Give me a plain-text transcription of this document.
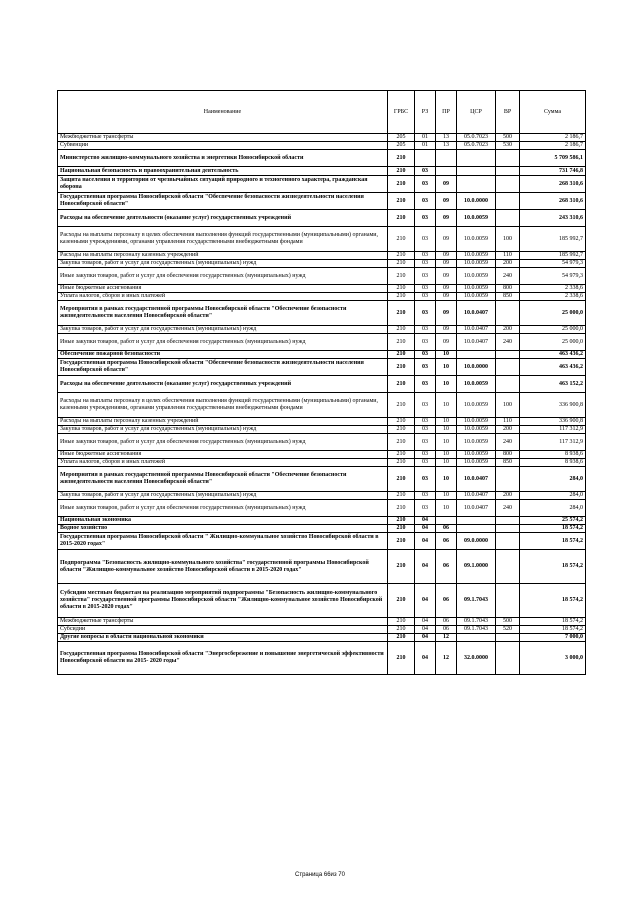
Наименование	ГРБС	РЗ	ПР	ЦСР	ВР	Сумма
Межбюджетные трансферты	205	01	13	05.0.7023	500	2 186,7
Субвенции	205	01	13	05.0.7023	530	2 186,7
Министерство жилищно-коммунального хозяйства и энергетики Новосибирской области	210					5 709 586,1
Национальная безопасность и правоохранительная деятельность	210	03				731 746,8
Защита населения и территории от чрезвычайных ситуаций природного и техногенного характера, гражданская оборона	210	03	09			268 310,6
Государственная программа Новосибирской области "Обеспечение безопасности жизнедеятельности населения Новосибирской области"	210	03	09	10.0.0000		268 310,6
Расходы на обеспечение деятельности (оказание услуг) государственных учреждений	210	03	09	10.0.0059		243 310,6
Расходы на выплаты персоналу в целях обеспечения выполнения функций государственными (муниципальными) органами, казенными учреждениями, органами управления государственными внебюджетными фондами	210	03	09	10.0.0059	100	185 992,7
Расходы на выплаты персоналу казенных учреждений	210	03	09	10.0.0059	110	185 992,7
Закупка товаров, работ и услуг для государственных (муниципальных) нужд	210	03	09	10.0.0059	200	54 979,3
Иные закупки товаров, работ и услуг для обеспечения государственных (муниципальных) нужд	210	03	09	10.0.0059	240	54 979,3
Иные бюджетные ассигнования	210	03	09	10.0.0059	800	2 338,6
Уплата налогов, сборов и иных платежей	210	03	09	10.0.0059	850	2 338,6
Мероприятия в рамках государственной программы Новосибирской области "Обеспечение безопасности жизнедеятельности населения Новосибирской области"	210	03	09	10.0.0407		25 000,0
Закупка товаров, работ и услуг для государственных (муниципальных) нужд	210	03	09	10.0.0407	200	25 000,0
Иные закупки товаров, работ и услуг для обеспечения государственных (муниципальных) нужд	210	03	09	10.0.0407	240	25 000,0
Обеспечение пожарной безопасности	210	03	10			463 436,2
Государственная программа Новосибирской области "Обеспечение безопасности жизнедеятельности населения Новосибирской области"	210	03	10	10.0.0000		463 436,2
Расходы на обеспечение деятельности (оказание услуг) государственных учреждений	210	03	10	10.0.0059		463 152,2
Расходы на выплаты персоналу в целях обеспечения выполнения функций государственными (муниципальными) органами, казенными учреждениями, органами управления государственными внебюджетными фондами	210	03	10	10.0.0059	100	336 900,8
Расходы на выплаты персоналу казенных учреждений	210	03	10	10.0.0059	110	336 900,8
Закупка товаров, работ и услуг для государственных (муниципальных) нужд	210	03	10	10.0.0059	200	117 312,9
Иные закупки товаров, работ и услуг для обеспечения государственных (муниципальных) нужд	210	03	10	10.0.0059	240	117 312,9
Иные бюджетные ассигнования	210	03	10	10.0.0059	800	8 938,6
Уплата налогов, сборов и иных платежей	210	03	10	10.0.0059	850	8 938,6
Мероприятия в рамках государственной программы Новосибирской области "Обеспечение безопасности жизнедеятельности населения Новосибирской области"	210	03	10	10.0.0407		284,0
Закупка товаров, работ и услуг для государственных (муниципальных) нужд	210	03	10	10.0.0407	200	284,0
Иные закупки товаров, работ и услуг для обеспечения государственных (муниципальных) нужд	210	03	10	10.0.0407	240	284,0
Национальная экономика	210	04				25 574,2
Водное хозяйство	210	04	06			18 574,2
Государственная программа Новосибирской области " Жилищно-коммунальное хозяйство Новосибирской области в 2015-2020 годах"	210	04	06	09.0.0000		18 574,2
Подпрограмма "Безопасность жилищно-коммунального хозяйства" государственной программы Новосибирской области "Жилищно-коммунальное хозяйство Новосибирской области в 2015-2020 годах"	210	04	06	09.1.0000		18 574,2
Субсидии местным бюджетам на реализацию мероприятий подпрограммы "Безопасность жилищно-коммунального хозяйства" государственной программы Новосибирской области "Жилищно-коммунальное хозяйство Новосибирской области в 2015-2020 годах"	210	04	06	09.1.7043		18 574,2
Межбюджетные трансферты	210	04	06	09.1.7043	500	18 574,2
Субсидии	210	04	06	09.1.7043	520	18 574,2
Другие вопросы в области национальной экономики	210	04	12			7 000,0
Государственная программа Новосибирской области "Энергосбережение и повышение энергетической эффективности Новосибирской области на 2015- 2020 годы"	210	04	12	32.0.0000		3 000,0
Страница 66из 70
